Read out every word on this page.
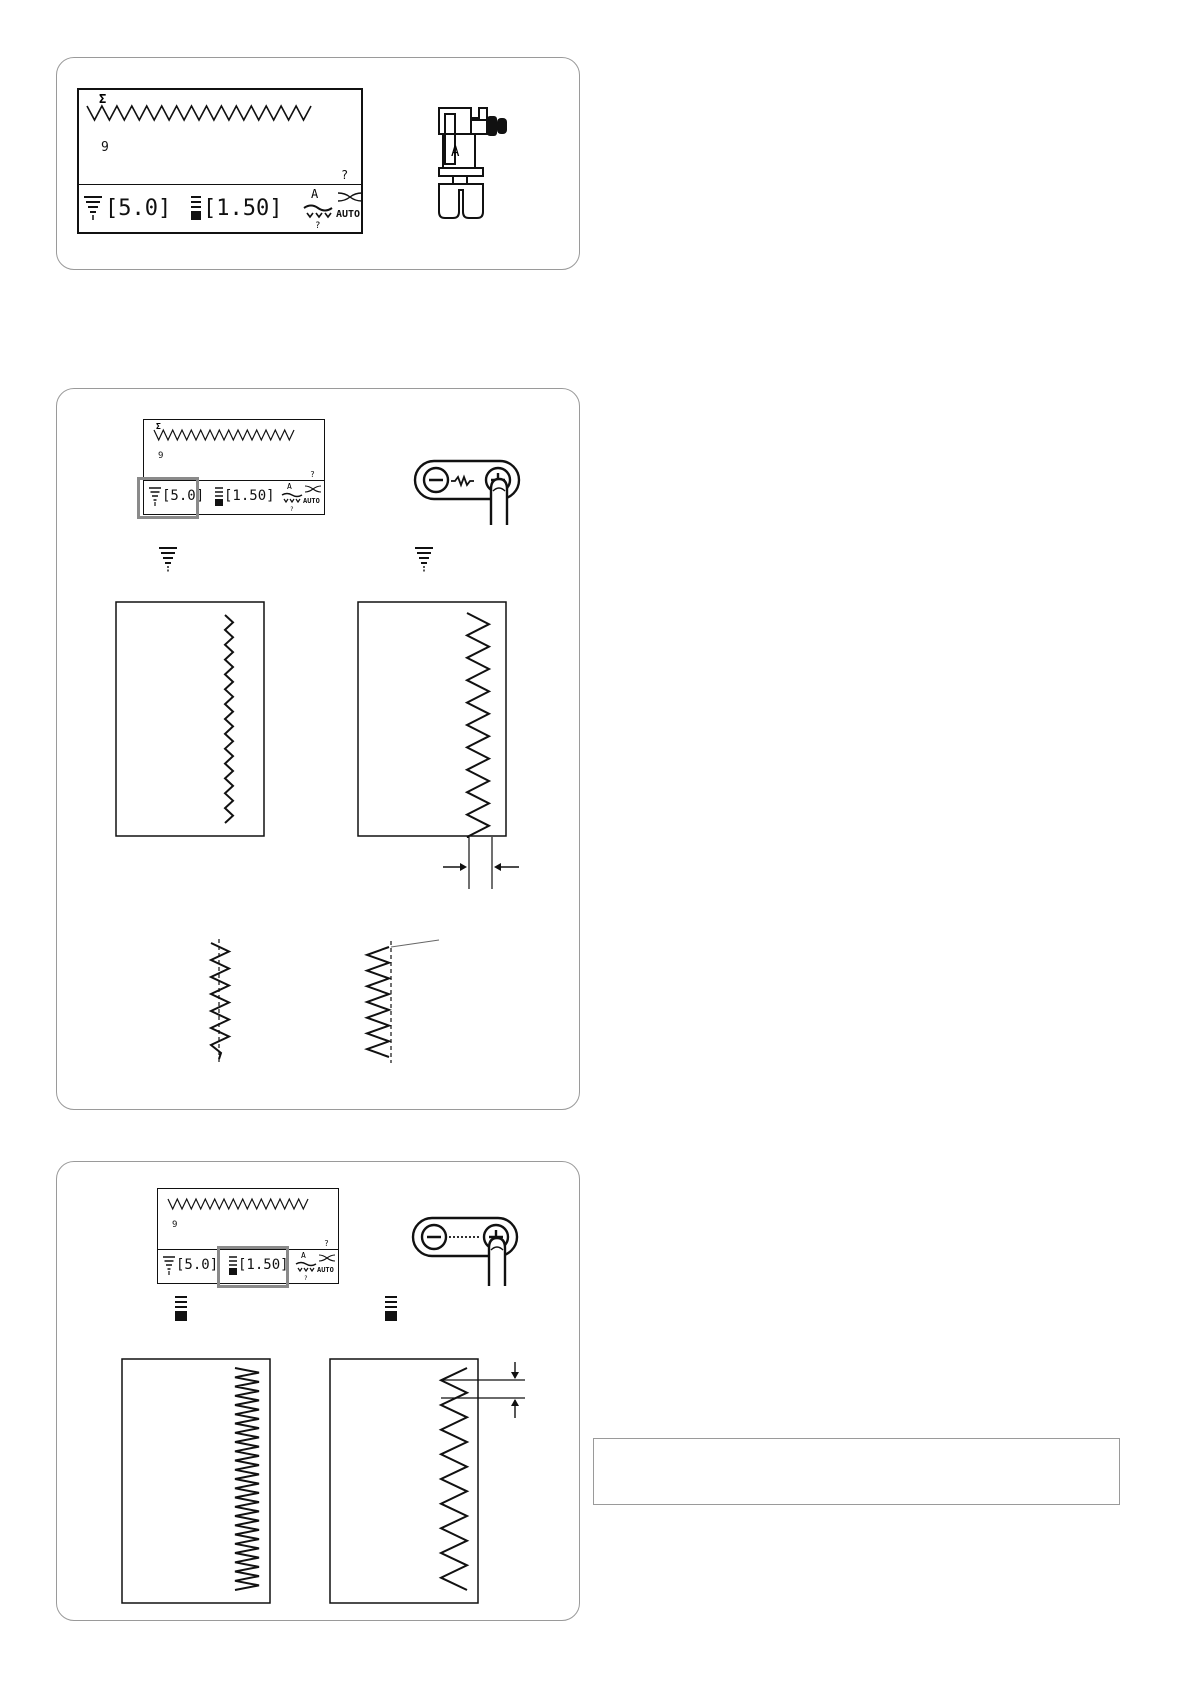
Σ
9
?
[5.0] [1.50]
A
?
AUTO
A
Σ
9
?
[5.0] [1.50]
A
?
AUTO
9
?
[5.0] [1.50]
A
?
AUTO
